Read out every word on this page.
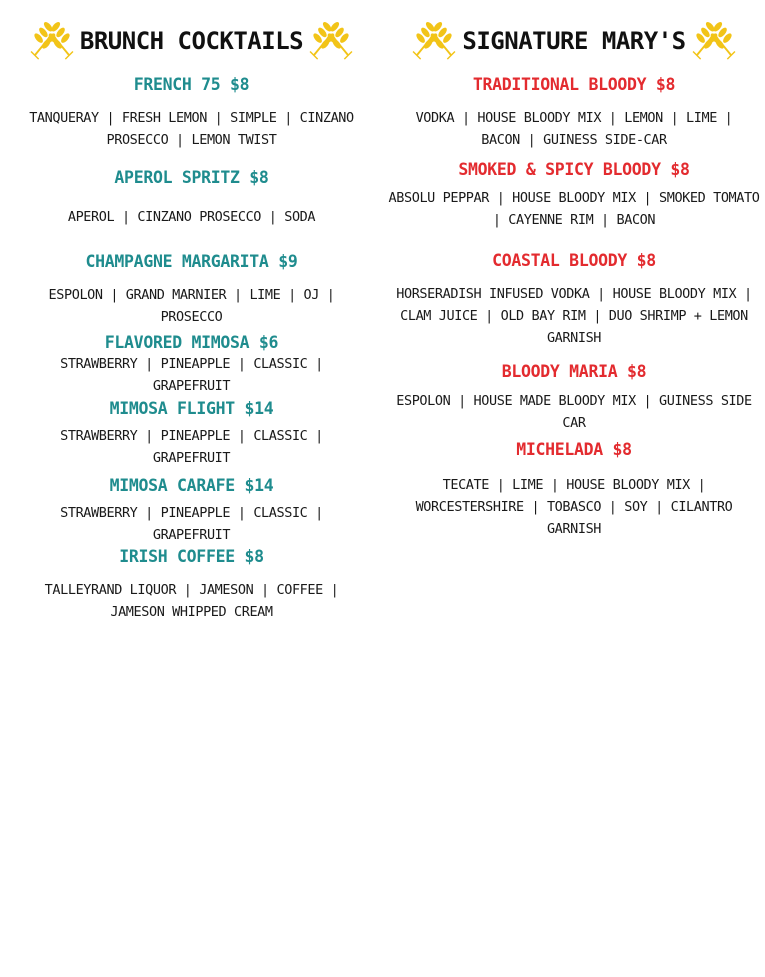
BRUNCH COCKTAILS
FRENCH 75 $8
TANQUERAY | FRESH LEMON | SIMPLE | CINZANO PROSECCO | LEMON TWIST
APEROL SPRITZ $8
APEROL | CINZANO PROSECCO | SODA
CHAMPAGNE MARGARITA $9
ESPOLON | GRAND MARNIER | LIME | OJ | PROSECCO
FLAVORED MIMOSA $6
STRAWBERRY | PINEAPPLE | CLASSIC | GRAPEFRUIT
MIMOSA FLIGHT $14
STRAWBERRY | PINEAPPLE | CLASSIC | GRAPEFRUIT
MIMOSA CARAFE $14
STRAWBERRY | PINEAPPLE | CLASSIC | GRAPEFRUIT
IRISH COFFEE $8
TALLEYRAND LIQUOR | JAMESON | COFFEE | JAMESON WHIPPED CREAM
SIGNATURE MARY'S
TRADITIONAL BLOODY $8
VODKA | HOUSE BLOODY MIX | LEMON | LIME | BACON | GUINESS SIDE-CAR
SMOKED & SPICY BLOODY $8
ABSOLU PEPPAR | HOUSE BLOODY MIX | SMOKED TOMATO | CAYENNE RIM | BACON
COASTAL BLOODY $8
HORSERADISH INFUSED VODKA | HOUSE BLOODY MIX | CLAM JUICE | OLD BAY RIM | DUO SHRIMP + LEMON GARNISH
BLOODY MARIA $8
ESPOLON | HOUSE MADE BLOODY MIX | GUINESS SIDE CAR
MICHELADA $8
TECATE | LIME | HOUSE BLOODY MIX | WORCESTERSHIRE | TOBASCO | SOY | CILANTRO GARNISH
